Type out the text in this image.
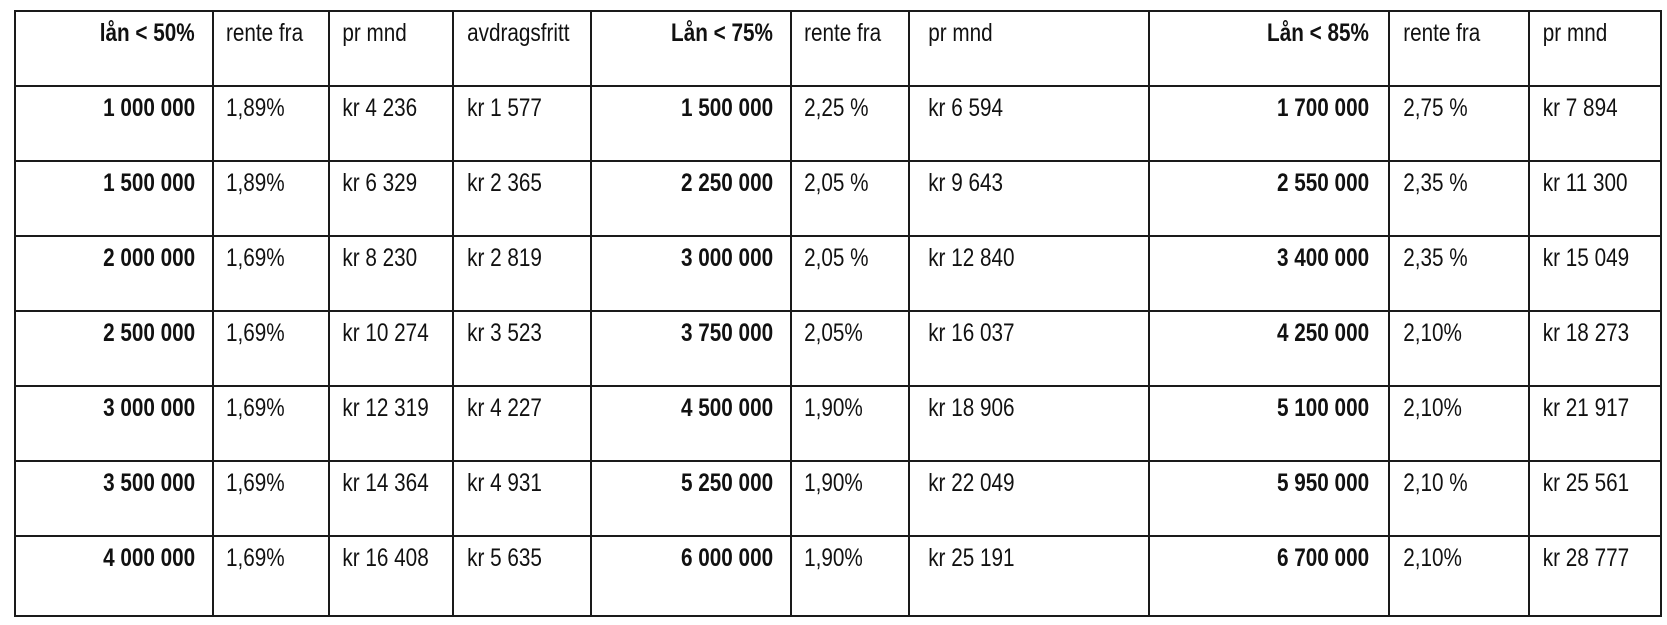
lån < 50%	rente fra	pr mnd	avdragsfritt	Lån < 75%	rente fra	pr mnd	Lån < 85%	rente fra	pr mnd
1 000 000	1,89%	kr 4 236	kr 1 577	1 500 000	2,25 %	kr 6 594	1 700 000	2,75 %	kr 7 894
1 500 000	1,89%	kr 6 329	kr 2 365	2 250 000	2,05 %	kr 9 643	2 550 000	2,35 %	kr 11 300
2 000 000	1,69%	kr 8 230	kr 2 819	3 000 000	2,05 %	kr 12 840	3 400 000	2,35 %	kr 15 049
2 500 000	1,69%	kr 10 274	kr 3 523	3 750 000	2,05%	kr 16 037	4 250 000	2,10%	kr 18 273
3 000 000	1,69%	kr 12 319	kr 4 227	4 500 000	1,90%	kr 18 906	5 100 000	2,10%	kr 21 917
3 500 000	1,69%	kr 14 364	kr 4 931	5 250 000	1,90%	kr 22 049	5 950 000	2,10 %	kr 25 561
4 000 000	1,69%	kr 16 408	kr 5 635	6 000 000	1,90%	kr 25 191	6 700 000	2,10%	kr 28 777
